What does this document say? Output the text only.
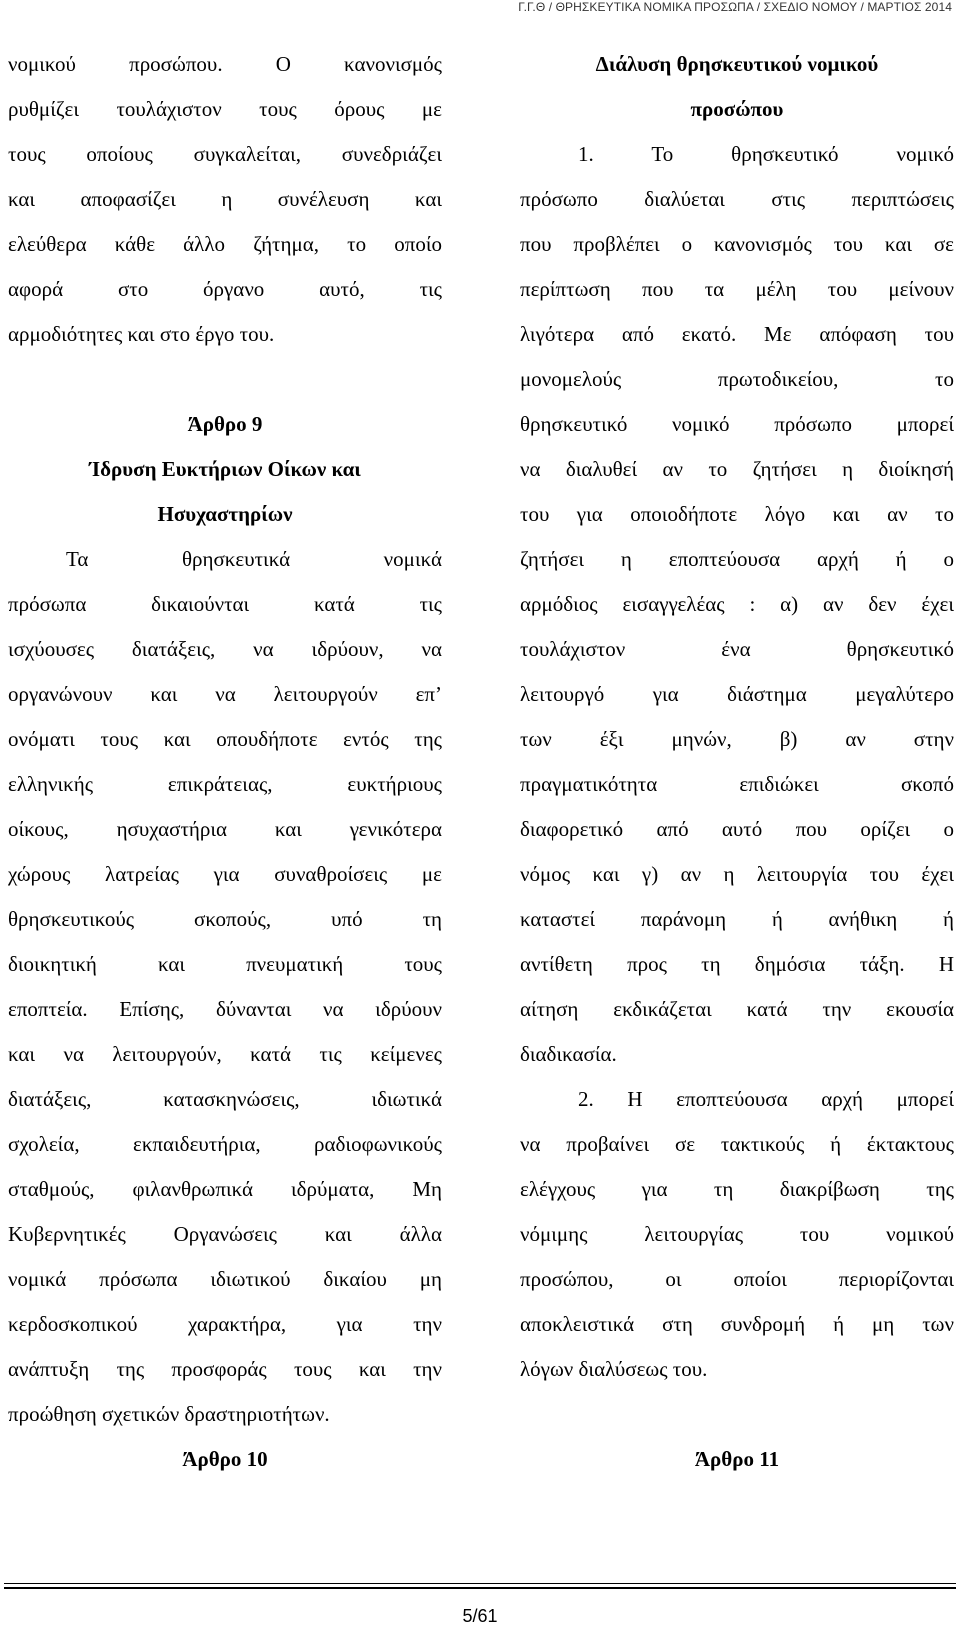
Γ.Γ.Θ / ΘΡΗΣΚΕΥΤΙΚΑ ΝΟΜΙΚΑ ΠΡΟΣΩΠΑ / ΣΧΕΔΙΟ ΝΟΜΟΥ / ΜΑΡΤΙΟΣ 2014
νομικού προσώπου. Ο κανονισμός
ρυθμίζει τουλάχιστον τους όρους με
τους οποίους συγκαλείται, συνεδριάζει
και αποφασίζει η συνέλευση και
ελεύθερα κάθε άλλο ζήτημα, το οποίο
αφορά στο όργανο αυτό, τις
αρμοδιότητες και στο έργο του.
Άρθρο 9
Ίδρυση Ευκτήριων Οίκων και
Ησυχαστηρίων
Τα θρησκευτικά νομικά
πρόσωπα δικαιούνται κατά τις
ισχύουσες διατάξεις, να ιδρύουν, να
οργανώνουν και να λειτουργούν επ’
ονόματι τους και οπουδήποτε εντός της
ελληνικής επικράτειας, ευκτήριους
οίκους, ησυχαστήρια και γενικότερα
χώρους λατρείας για συναθροίσεις με
θρησκευτικούς σκοπούς, υπό τη
διοικητική και πνευματική τους
εποπτεία. Επίσης, δύνανται να ιδρύουν
και να λειτουργούν, κατά τις κείμενες
διατάξεις, κατασκηνώσεις, ιδιωτικά
σχολεία, εκπαιδευτήρια, ραδιοφωνικούς
σταθμούς, φιλανθρωπικά ιδρύματα, Μη
Κυβερνητικές Οργανώσεις και άλλα
νομικά πρόσωπα ιδιωτικού δικαίου μη
κερδοσκοπικού χαρακτήρα, για την
ανάπτυξη της προσφοράς τους και την
προώθηση σχετικών δραστηριοτήτων.
Άρθρο 10
Διάλυση θρησκευτικού νομικού
προσώπου
1. Το θρησκευτικό νομικό
πρόσωπο διαλύεται στις περιπτώσεις
που προβλέπει ο κανονισμός του και σε
περίπτωση που τα μέλη του μείνουν
λιγότερα από εκατό. Με απόφαση του
μονομελούς πρωτοδικείου, το
θρησκευτικό νομικό πρόσωπο μπορεί
να διαλυθεί αν το ζητήσει η διοίκησή
του για οποιοδήποτε λόγο και αν το
ζητήσει η εποπτεύουσα αρχή ή ο
αρμόδιος εισαγγελέας : α) αν δεν έχει
τουλάχιστον ένα θρησκευτικό
λειτουργό για διάστημα μεγαλύτερο
των έξι μηνών, β) αν στην
πραγματικότητα επιδιώκει σκοπό
διαφορετικό από αυτό που ορίζει ο
νόμος και γ) αν η λειτουργία του έχει
καταστεί παράνομη ή ανήθικη ή
αντίθετη προς τη δημόσια τάξη. Η
αίτηση εκδικάζεται κατά την εκουσία
διαδικασία.
2. Η εποπτεύουσα αρχή μπορεί
να προβαίνει σε τακτικούς ή έκτακτους
ελέγχους για τη διακρίβωση της
νόμιμης λειτουργίας του νομικού
προσώπου, οι οποίοι περιορίζονται
αποκλειστικά στη συνδρομή ή μη των
λόγων διαλύσεως του.
Άρθρο 11
5/61
